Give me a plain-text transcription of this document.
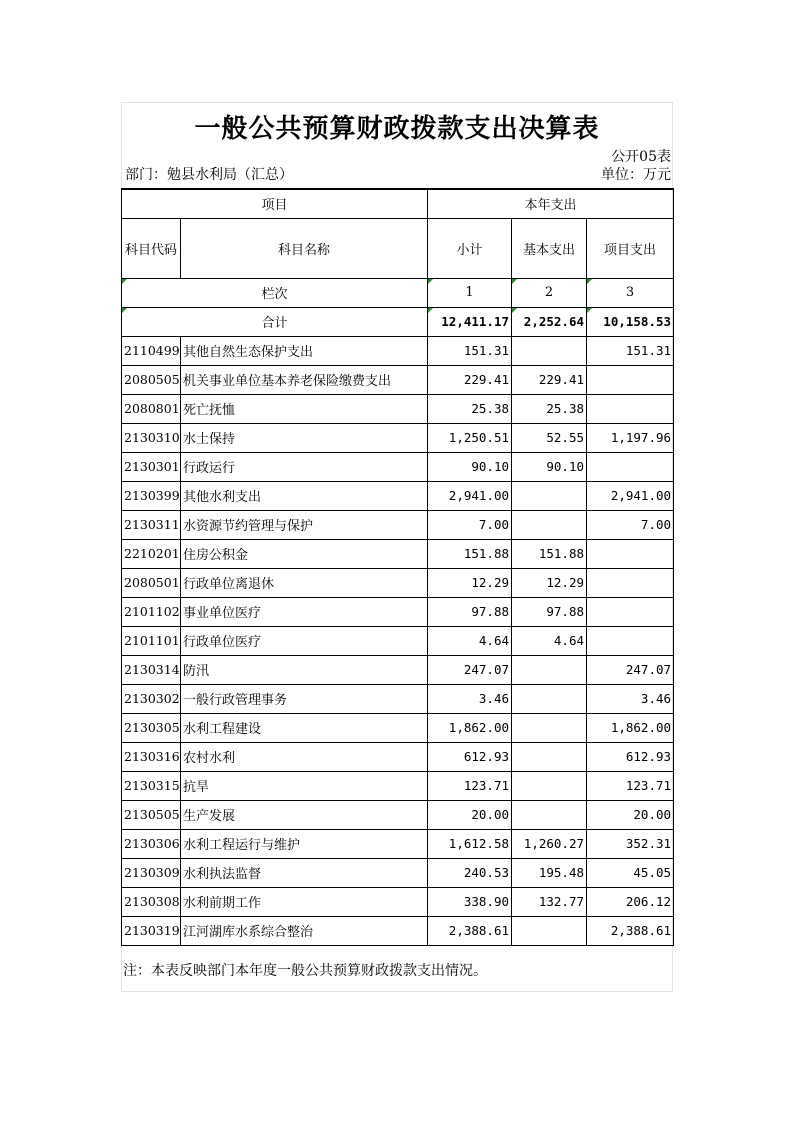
一般公共预算财政拨款支出决算表
公开05表
部门：勉县水利局（汇总）	单位：万元
项目		本年支出		
科目代码	科目名称	小计	基本支出	项目支出
栏次		1	2	3
合计		12,411.17	2,252.64	10,158.53
2110499	其他自然生态保护支出	151.31		151.31
2080505	机关事业单位基本养老保险缴费支出	229.41	229.41	
2080801	死亡抚恤	25.38	25.38	
2130310	水土保持	1,250.51	52.55	1,197.96
2130301	行政运行	90.10	90.10	
2130399	其他水利支出	2,941.00		2,941.00
2130311	水资源节约管理与保护	7.00		7.00
2210201	住房公积金	151.88	151.88	
2080501	行政单位离退休	12.29	12.29	
2101102	事业单位医疗	97.88	97.88	
2101101	行政单位医疗	4.64	4.64	
2130314	防汛	247.07		247.07
2130302	一般行政管理事务	3.46		3.46
2130305	水利工程建设	1,862.00		1,862.00
2130316	农村水利	612.93		612.93
2130315	抗旱	123.71		123.71
2130505	生产发展	20.00		20.00
2130306	水利工程运行与维护	1,612.58	1,260.27	352.31
2130309	水利执法监督	240.53	195.48	45.05
2130308	水利前期工作	338.90	132.77	206.12
2130319	江河湖库水系综合整治	2,388.61		2,388.61
注：本表反映部门本年度一般公共预算财政拨款支出情况。
